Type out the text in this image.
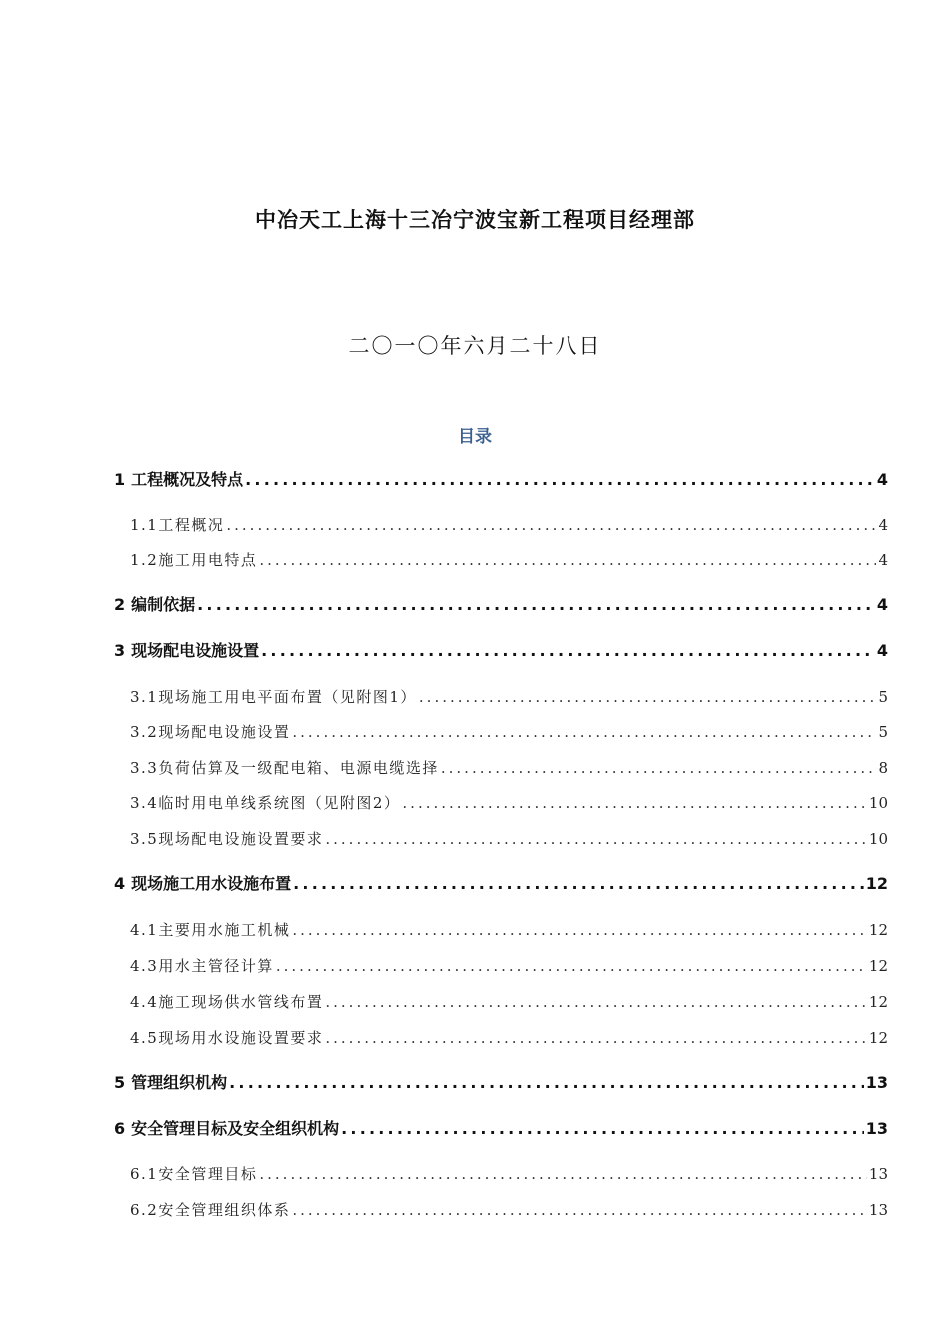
中冶天工上海十三冶宁波宝新工程项目经理部
二〇一〇年六月二十八日
目录
1 工程概况及特点 .....	4
1.1 工程概况 .....	4
1.2 施工用电特点 .....	4
2 编制依据 .....	4
3 现场配电设施设置 .....	4
3.1 现场施工用电平面布置（见附图1） .....	5
3.2 现场配电设施设置 .....	5
3.3 负荷估算及一级配电箱、电源电缆选择 .....	8
3.4 临时用电单线系统图（见附图2） .....	10
3.5 现场配电设施设置要求 .....	10
4 现场施工用水设施布置 .....	12
4.1 主要用水施工机械 .....	12
4.3 用水主管径计算 .....	12
4.4 施工现场供水管线布置 .....	12
4.5 现场用水设施设置要求 .....	12
5 管理组织机构 .....	13
6 安全管理目标及安全组织机构 .....	13
6.1 安全管理目标 .....	13
6.2 安全管理组织体系 .....	13
